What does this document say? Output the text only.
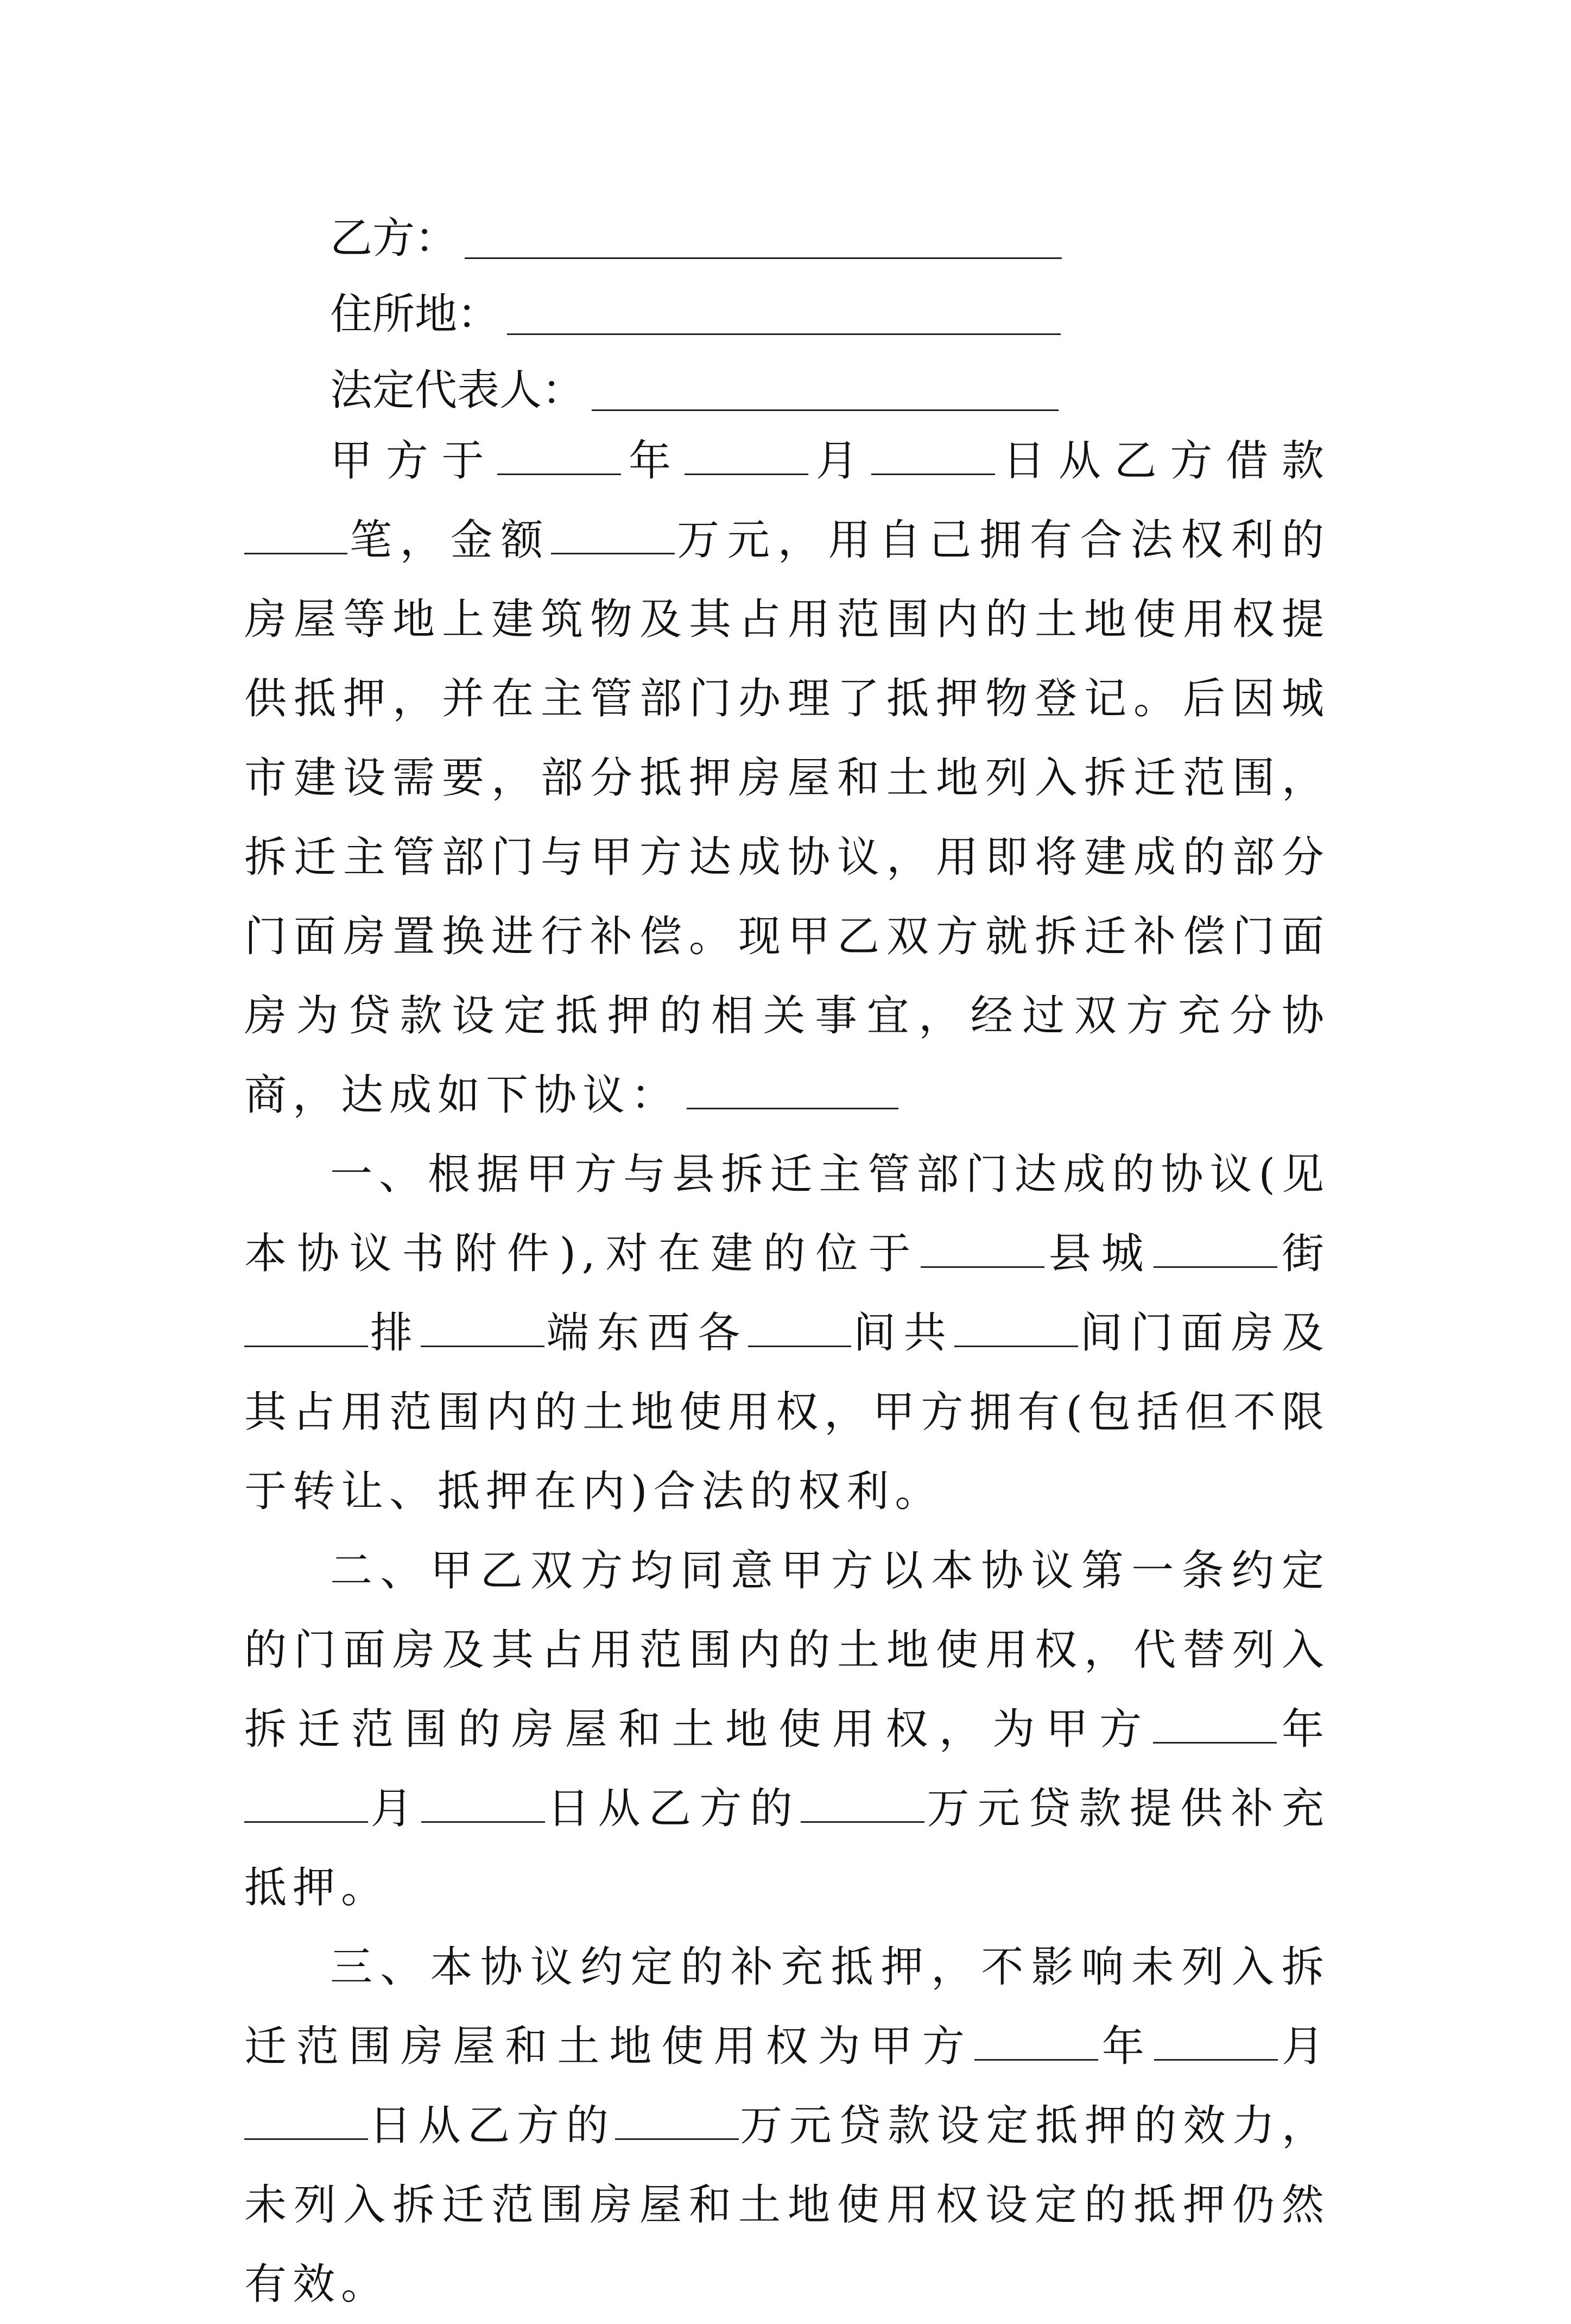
乙方：
住所地：
法定代表人：

甲方于	年	月	日从乙方借款笔，金额	万元，用自己拥有合法权利的房屋等地上建筑物及其占用范围内的土地使用权提供抵押，并在主管部门办理了抵押物登记。后因城市建设需要，部分抵押房屋和土地列入拆迁范围，拆迁主管部门与甲方达成协议，用即将建成的部分门面房置换进行补偿。现甲乙双方就拆迁补偿门面房为贷款设定抵押的相关事宜，经过双方充分协商，达成如下协议：

一、根据甲方与县拆迁主管部门达成的协议(见本协议书附件),对在建的位于	县城	街排	端东西各 间共	间门面房及其占用范围内的土地使用权，甲方拥有(包括但不限于转让、抵押在内)合法的权利。

二、甲乙双方均同意甲方以本协议第一条约定的门面房及其占用范围内的土地使用权，代替列入拆迁范围的房屋和土地使用权，为甲方	年月	日从乙方的	万元贷款提供补充抵押。

三、本协议约定的补充抵押，不影响未列入拆迁范围房屋和土地使用权为甲方	年	月日从乙方的	万元贷款设定抵押的效力，未列入拆迁范围房屋和土地使用权设定的抵押仍然有效。
